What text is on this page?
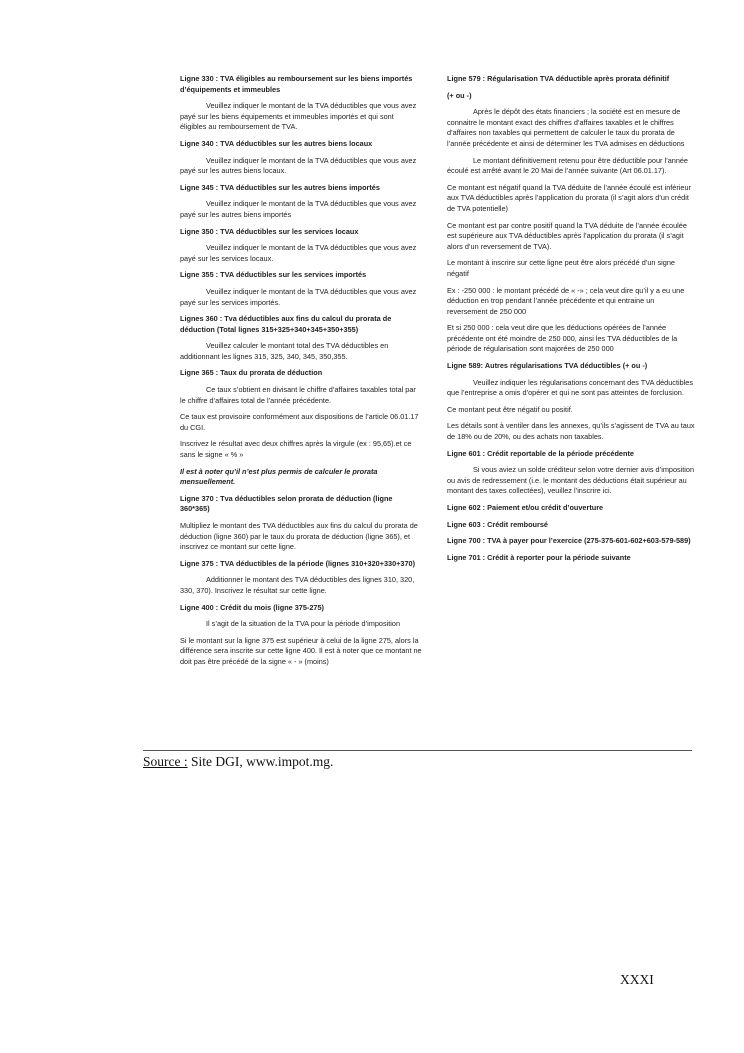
Ligne 330 : TVA éligibles au remboursement sur les biens importés d’équipements et immeubles
Veuillez indiquer le montant de la TVA déductibles que vous avez payé sur les biens équipements et immeubles importés et qui sont éligibles au remboursement de TVA.
Ligne 340 : TVA déductibles sur les autres biens locaux
Veuillez indiquer le montant de la TVA déductibles que vous avez payé sur les autres biens locaux.
Ligne 345 : TVA déductibles sur les autres biens importés
Veuillez indiquer le montant de la TVA déductibles que vous avez payé sur les autres biens importés
Ligne 350 : TVA déductibles sur les services locaux
Veuillez indiquer le montant de la TVA déductibles que vous avez payé sur les services locaux.
Ligne 355 : TVA déductibles sur les services importés
Veuillez indiquer le montant de la TVA déductibles que vous avez payé sur les services importés.
Lignes 360 : Tva déductibles aux fins du calcul du prorata de déduction (Total lignes 315+325+340+345+350+355)
Veuillez calculer le montant total des TVA déductibles en additionnant les lignes 315, 325, 340, 345, 350,355.
Ligne 365 : Taux du prorata de déduction
Ce taux s’obtient en divisant le chiffre d’affaires taxables total par le chiffre d’affaires total de l’année précédente.
Ce taux est provisoire conformément aux dispositions de l’article 06.01.17 du CGI.
Inscrivez le résultat avec deux chiffres après la virgule (ex : 95,65).et ce sans le signe « % »
Il est à noter qu’il n’est plus permis de calculer le prorata mensuellement.
Ligne 370 : Tva déductibles selon prorata de déduction (ligne 360*365)
Multipliez le montant des TVA déductibles aux fins du calcul du prorata de déduction (ligne 360) par le taux du prorata de déduction (ligne 365), et inscrivez ce montant sur cette ligne.
Ligne 375 : TVA déductibles de la période (lignes 310+320+330+370)
Additionner le montant des TVA déductibles des lignes 310, 320, 330, 370). Inscrivez le résultat sur cette ligne.
Ligne 400 : Crédit du mois (ligne 375-275)
Il s’agit de la situation de la TVA pour la période d’imposition
Si le montant sur la ligne 375 est supérieur à celui de la ligne 275, alors la différence sera inscrite sur cette ligne 400. Il est à noter que ce montant ne doit pas être précédé de la signe « - » (moins)
Ligne 579 : Régularisation TVA déductible après prorata définitif
(+ ou -)
Après le dépôt des états financiers ; la société est en mesure de connaitre le montant exact des chiffres d’affaires taxables et le chiffres d’affaires non taxables qui permettent de calculer le taux du prorata de l’année précédente et ainsi de déterminer les TVA admises en déductions
Le montant définitivement retenu pour être déductible pour l’année écoulé est arrêté avant le 20 Mai de l’année suivante (Art 06.01.17).
Ce montant est négatif quand la TVA déduite de l’année écoulé est inférieur aux TVA déductibles après l’application du prorata (il s’agit alors d’un crédit de TVA potentielle)
Ce montant est par contre positif quand la TVA déduite de l’année écoulée est supérieure aux TVA déductibles après l’application du prorata (il s’agit alors d’un reversement de TVA).
Le montant à inscrire sur cette ligne peut être alors précédé d’un signe négatif
Ex : -250 000 : le montant précédé de « -» ; cela veut dire qu’il y a eu une déduction en trop pendant l’année précédente et qui entraine un reversement de 250 000
Et si 250 000 : cela veut dire que les déductions opérées de l’année précédente ont été moindre de 250 000, ainsi les TVA déductibles de la période de régularisation sont majorées de 250 000
Ligne 589: Autres régularisations TVA déductibles (+ ou -)
Veuillez indiquer les régularisations concernant des TVA déductibles que l’entreprise a omis d’opérer et qui ne sont pas atteintes de forclusion.
Ce montant peut être négatif ou positif.
Les détails sont à ventiler dans les annexes, qu’ils s’agissent de TVA au taux de 18% ou de 20%, ou des achats non taxables.
Ligne 601 : Crédit reportable de la période précédente
Si vous aviez un solde créditeur selon votre dernier avis d’imposition ou avis de redressement (i.e. le montant des déductions était supérieur au montant des taxes collectées), veuillez l’inscrire ici.
Ligne 602 : Paiement et/ou crédit d’ouverture
Ligne 603 : Crédit remboursé
Ligne 700 : TVA à payer pour l’exercice (275-375-601-602+603-579-589)
Ligne 701 : Crédit à reporter pour la période suivante
Source : Site DGI, www.impot.mg.
XXXI
